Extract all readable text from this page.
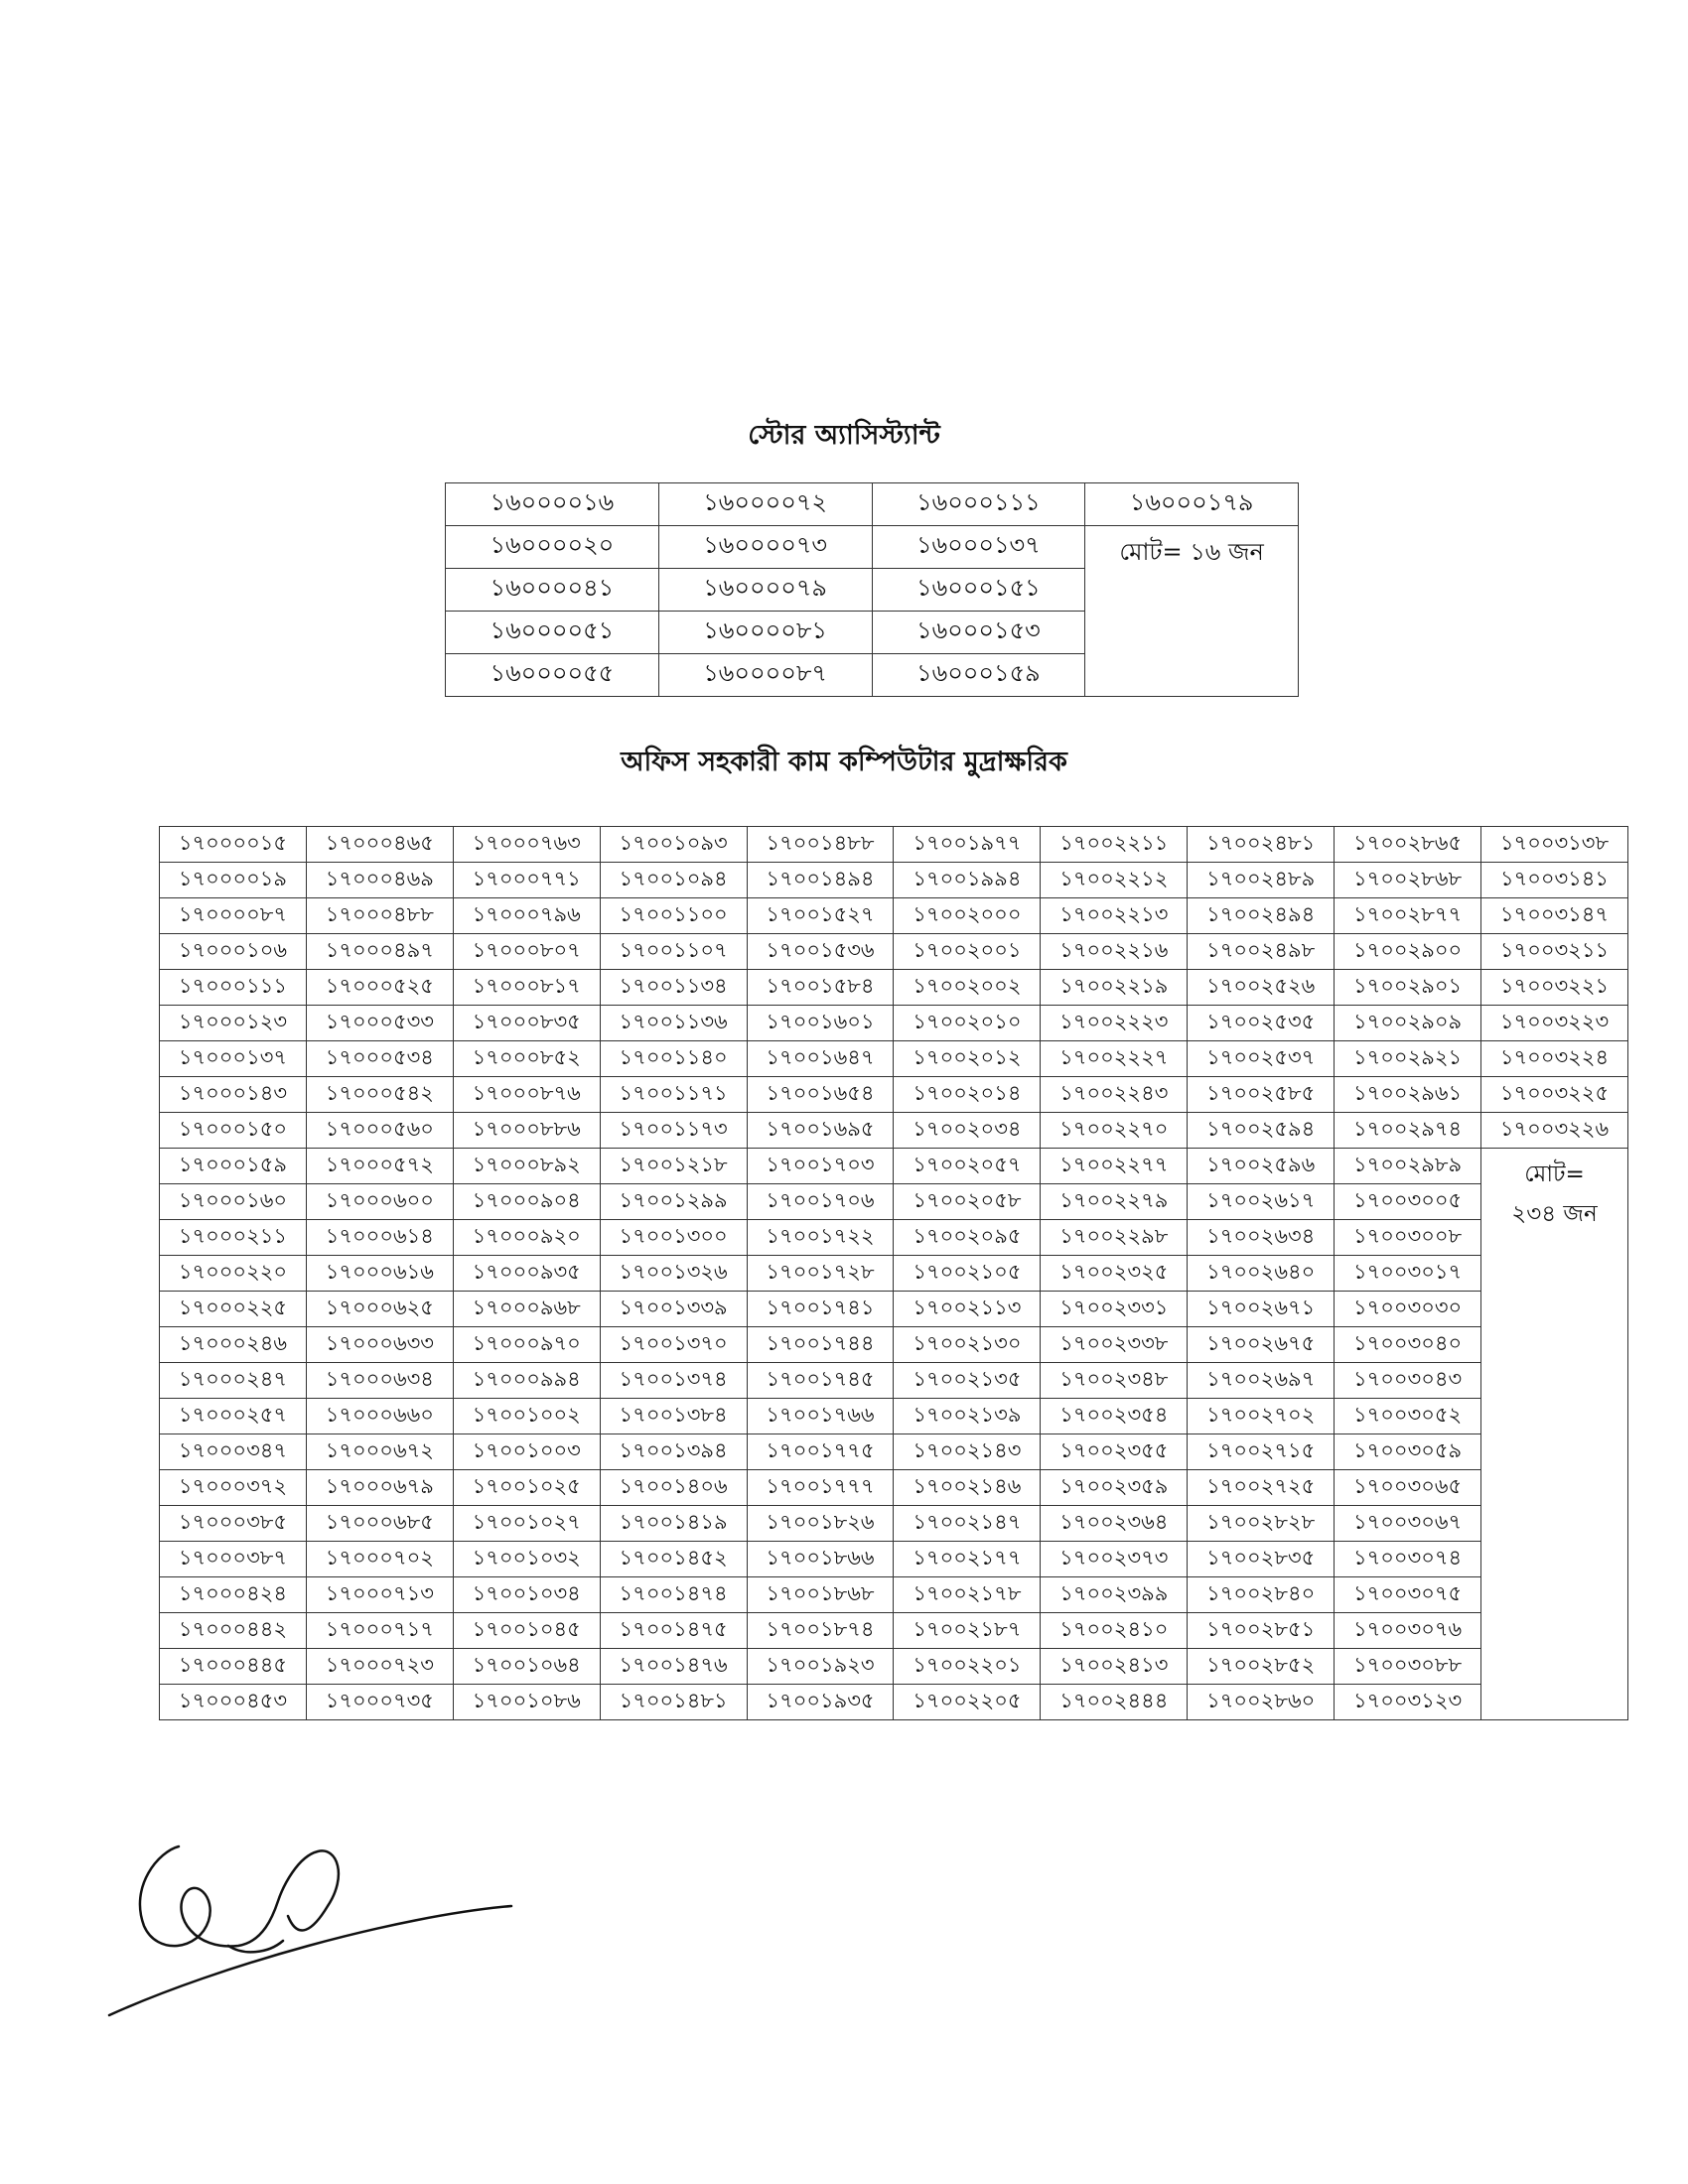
স্টোর অ্যাসিস্ট্যান্ট
১৬০০০০১৬	১৬০০০০৭২	১৬০০০১১১	১৬০০০১৭৯
১৬০০০০২০	১৬০০০০৭৩	১৬০০০১৩৭	মোট= ১৬ জন
১৬০০০০৪১	১৬০০০০৭৯	১৬০০০১৫১	
১৬০০০০৫১	১৬০০০০৮১	১৬০০০১৫৩	
১৬০০০০৫৫	১৬০০০০৮৭	১৬০০০১৫৯	
অফিস সহকারী কাম কম্পিউটার মুদ্রাক্ষরিক
১৭০০০০১৫	১৭০০০৪৬৫	১৭০০০৭৬৩	১৭০০১০৯৩	১৭০০১৪৮৮	১৭০০১৯৭৭	১৭০০২২১১	১৭০০২৪৮১	১৭০০২৮৬৫	১৭০০৩১৩৮
১৭০০০০১৯	১৭০০০৪৬৯	১৭০০০৭৭১	১৭০০১০৯৪	১৭০০১৪৯৪	১৭০০১৯৯৪	১৭০০২২১২	১৭০০২৪৮৯	১৭০০২৮৬৮	১৭০০৩১৪১
১৭০০০০৮৭	১৭০০০৪৮৮	১৭০০০৭৯৬	১৭০০১১০০	১৭০০১৫২৭	১৭০০২০০০	১৭০০২২১৩	১৭০০২৪৯৪	১৭০০২৮৭৭	১৭০০৩১৪৭
১৭০০০১০৬	১৭০০০৪৯৭	১৭০০০৮০৭	১৭০০১১০৭	১৭০০১৫৩৬	১৭০০২০০১	১৭০০২২১৬	১৭০০২৪৯৮	১৭০০২৯০০	১৭০০৩২১১
১৭০০০১১১	১৭০০০৫২৫	১৭০০০৮১৭	১৭০০১১৩৪	১৭০০১৫৮৪	১৭০০২০০২	১৭০০২২১৯	১৭০০২৫২৬	১৭০০২৯০১	১৭০০৩২২১
১৭০০০১২৩	১৭০০০৫৩৩	১৭০০০৮৩৫	১৭০০১১৩৬	১৭০০১৬০১	১৭০০২০১০	১৭০০২২২৩	১৭০০২৫৩৫	১৭০০২৯০৯	১৭০০৩২২৩
১৭০০০১৩৭	১৭০০০৫৩৪	১৭০০০৮৫২	১৭০০১১৪০	১৭০০১৬৪৭	১৭০০২০১২	১৭০০২২২৭	১৭০০২৫৩৭	১৭০০২৯২১	১৭০০৩২২৪
১৭০০০১৪৩	১৭০০০৫৪২	১৭০০০৮৭৬	১৭০০১১৭১	১৭০০১৬৫৪	১৭০০২০১৪	১৭০০২২৪৩	১৭০০২৫৮৫	১৭০০২৯৬১	১৭০০৩২২৫
১৭০০০১৫০	১৭০০০৫৬০	১৭০০০৮৮৬	১৭০০১১৭৩	১৭০০১৬৯৫	১৭০০২০৩৪	১৭০০২২৭০	১৭০০২৫৯৪	১৭০০২৯৭৪	১৭০০৩২২৬
১৭০০০১৫৯	১৭০০০৫৭২	১৭০০০৮৯২	১৭০০১২১৮	১৭০০১৭০৩	১৭০০২০৫৭	১৭০০২২৭৭	১৭০০২৫৯৬	১৭০০২৯৮৯	মোট=
২৩৪ জন

১৭০০০১৬০	১৭০০০৬০০	১৭০০০৯০৪	১৭০০১২৯৯	১৭০০১৭০৬	১৭০০২০৫৮	১৭০০২২৭৯	১৭০০২৬১৭	১৭০০৩০০৫	
১৭০০০২১১	১৭০০০৬১৪	১৭০০০৯২০	১৭০০১৩০০	১৭০০১৭২২	১৭০০২০৯৫	১৭০০২২৯৮	১৭০০২৬৩৪	১৭০০৩০০৮	
১৭০০০২২০	১৭০০০৬১৬	১৭০০০৯৩৫	১৭০০১৩২৬	১৭০০১৭২৮	১৭০০২১০৫	১৭০০২৩২৫	১৭০০২৬৪০	১৭০০৩০১৭	
১৭০০০২২৫	১৭০০০৬২৫	১৭০০০৯৬৮	১৭০০১৩৩৯	১৭০০১৭৪১	১৭০০২১১৩	১৭০০২৩৩১	১৭০০২৬৭১	১৭০০৩০৩০	
১৭০০০২৪৬	১৭০০০৬৩৩	১৭০০০৯৭০	১৭০০১৩৭০	১৭০০১৭৪৪	১৭০০২১৩০	১৭০০২৩৩৮	১৭০০২৬৭৫	১৭০০৩০৪০	
১৭০০০২৪৭	১৭০০০৬৩৪	১৭০০০৯৯৪	১৭০০১৩৭৪	১৭০০১৭৪৫	১৭০০২১৩৫	১৭০০২৩৪৮	১৭০০২৬৯৭	১৭০০৩০৪৩	
১৭০০০২৫৭	১৭০০০৬৬০	১৭০০১০০২	১৭০০১৩৮৪	১৭০০১৭৬৬	১৭০০২১৩৯	১৭০০২৩৫৪	১৭০০২৭০২	১৭০০৩০৫২	
১৭০০০৩৪৭	১৭০০০৬৭২	১৭০০১০০৩	১৭০০১৩৯৪	১৭০০১৭৭৫	১৭০০২১৪৩	১৭০০২৩৫৫	১৭০০২৭১৫	১৭০০৩০৫৯	
১৭০০০৩৭২	১৭০০০৬৭৯	১৭০০১০২৫	১৭০০১৪০৬	১৭০০১৭৭৭	১৭০০২১৪৬	১৭০০২৩৫৯	১৭০০২৭২৫	১৭০০৩০৬৫	
১৭০০০৩৮৫	১৭০০০৬৮৫	১৭০০১০২৭	১৭০০১৪১৯	১৭০০১৮২৬	১৭০০২১৪৭	১৭০০২৩৬৪	১৭০০২৮২৮	১৭০০৩০৬৭	
১৭০০০৩৮৭	১৭০০০৭০২	১৭০০১০৩২	১৭০০১৪৫২	১৭০০১৮৬৬	১৭০০২১৭৭	১৭০০২৩৭৩	১৭০০২৮৩৫	১৭০০৩০৭৪	
১৭০০০৪২৪	১৭০০০৭১৩	১৭০০১০৩৪	১৭০০১৪৭৪	১৭০০১৮৬৮	১৭০০২১৭৮	১৭০০২৩৯৯	১৭০০২৮৪০	১৭০০৩০৭৫	
১৭০০০৪৪২	১৭০০০৭১৭	১৭০০১০৪৫	১৭০০১৪৭৫	১৭০০১৮৭৪	১৭০০২১৮৭	১৭০০২৪১০	১৭০০২৮৫১	১৭০০৩০৭৬	
১৭০০০৪৪৫	১৭০০০৭২৩	১৭০০১০৬৪	১৭০০১৪৭৬	১৭০০১৯২৩	১৭০০২২০১	১৭০০২৪১৩	১৭০০২৮৫২	১৭০০৩০৮৮	
১৭০০০৪৫৩	১৭০০০৭৩৫	১৭০০১০৮৬	১৭০০১৪৮১	১৭০০১৯৩৫	১৭০০২২০৫	১৭০০২৪৪৪	১৭০০২৮৬০	১৭০০৩১২৩	
